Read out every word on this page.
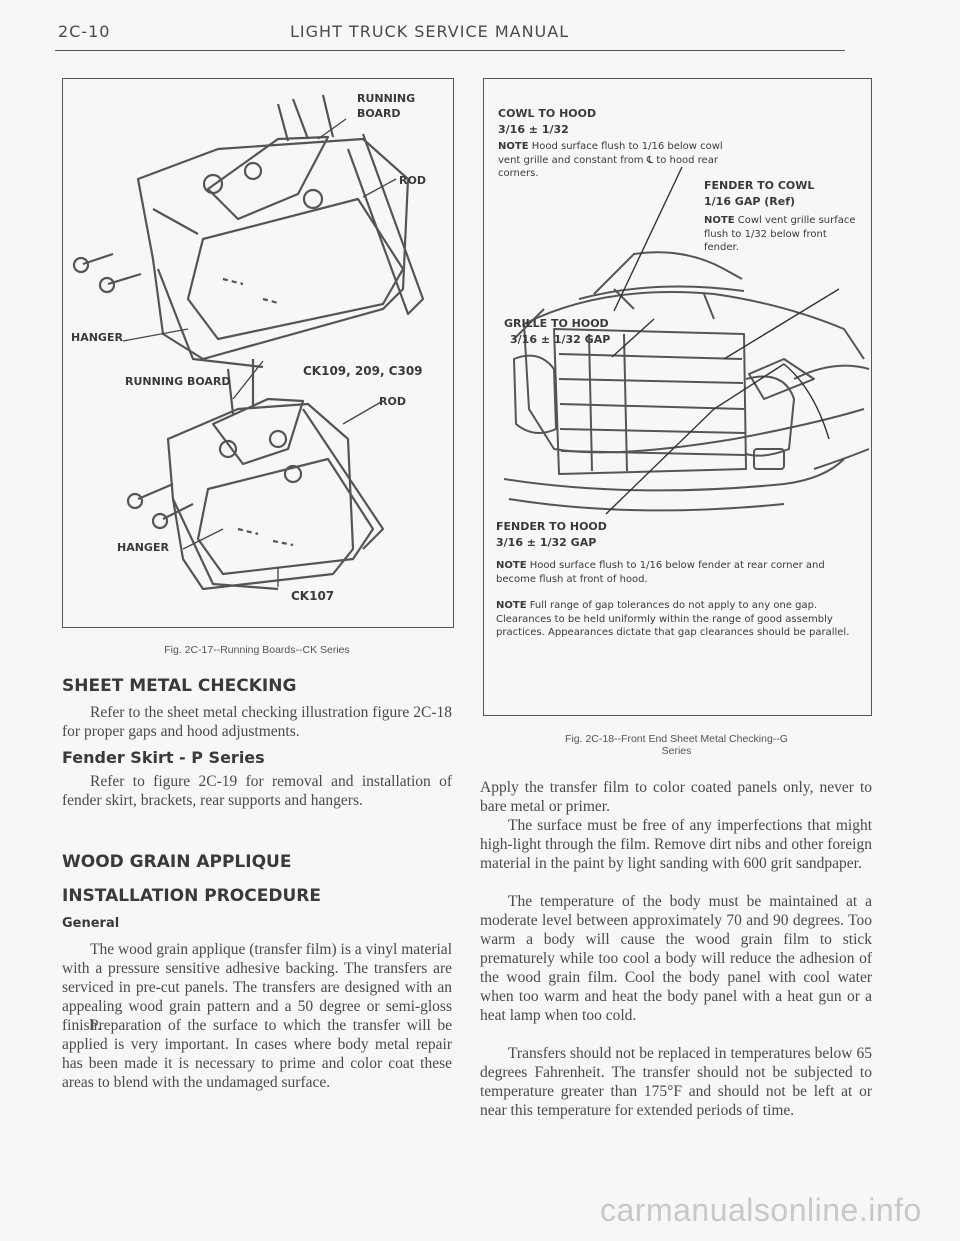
2C-10	LIGHT TRUCK SERVICE MANUAL
RUNNING
BOARD
ROD
HANGER
CK109, 209, C309
RUNNING BOARD
ROD
HANGER
CK107
Fig. 2C-17--Running Boards--CK Series
SHEET METAL CHECKING
Refer to the sheet metal checking illustration figure 2C-18 for proper gaps and hood adjustments.
Fender Skirt - P Series
Refer to figure 2C-19 for removal and installation of fender skirt, brackets, rear supports and hangers.
WOOD GRAIN APPLIQUE
INSTALLATION PROCEDURE
General
The wood grain applique (transfer film) is a vinyl material with a pressure sensitive adhesive backing. The transfers are serviced in pre-cut panels. The transfers are designed with an appealing wood grain pattern and a 50 degree or semi-gloss finish.
Preparation of the surface to which the transfer will be applied is very important. In cases where body metal repair has been made it is necessary to prime and color coat these areas to blend with the undamaged surface.
COWL TO HOOD
3/16 ± 1/32
NOTE Hood surface flush to 1/16 below cowl vent grille and constant from ℄ to hood rear corners.
FENDER TO COWL
1/16 GAP (Ref)
NOTE Cowl vent grille surface flush to 1/32 below front fender.
GRILLE TO HOOD
3/16 ± 1/32 GAP
FENDER TO HOOD
3/16 ± 1/32 GAP
NOTE Hood surface flush to 1/16 below fender at rear corner and become flush at front of hood.
NOTE Full range of gap tolerances do not apply to any one gap. Clearances to be held uniformly within the range of good assembly practices. Appearances dictate that gap clearances should be parallel.
Fig. 2C-18--Front End Sheet Metal Checking--G
Series
Apply the transfer film to color coated panels only, never to bare metal or primer.
The surface must be free of any imperfections that might high-light through the film. Remove dirt nibs and other foreign material in the paint by light sanding with 600 grit sandpaper.
The temperature of the body must be maintained at a moderate level between approximately 70 and 90 degrees. Too warm a body will cause the wood grain film to stick prematurely while too cool a body will reduce the adhesion of the wood grain film. Cool the body panel with cool water when too warm and heat the body panel with a heat gun or a heat lamp when too cold.
Transfers should not be replaced in temperatures below 65 degrees Fahrenheit. The transfer should not be subjected to temperature greater than 175°F and should not be left at or near this temperature for extended periods of time.
carmanualsonline.info
